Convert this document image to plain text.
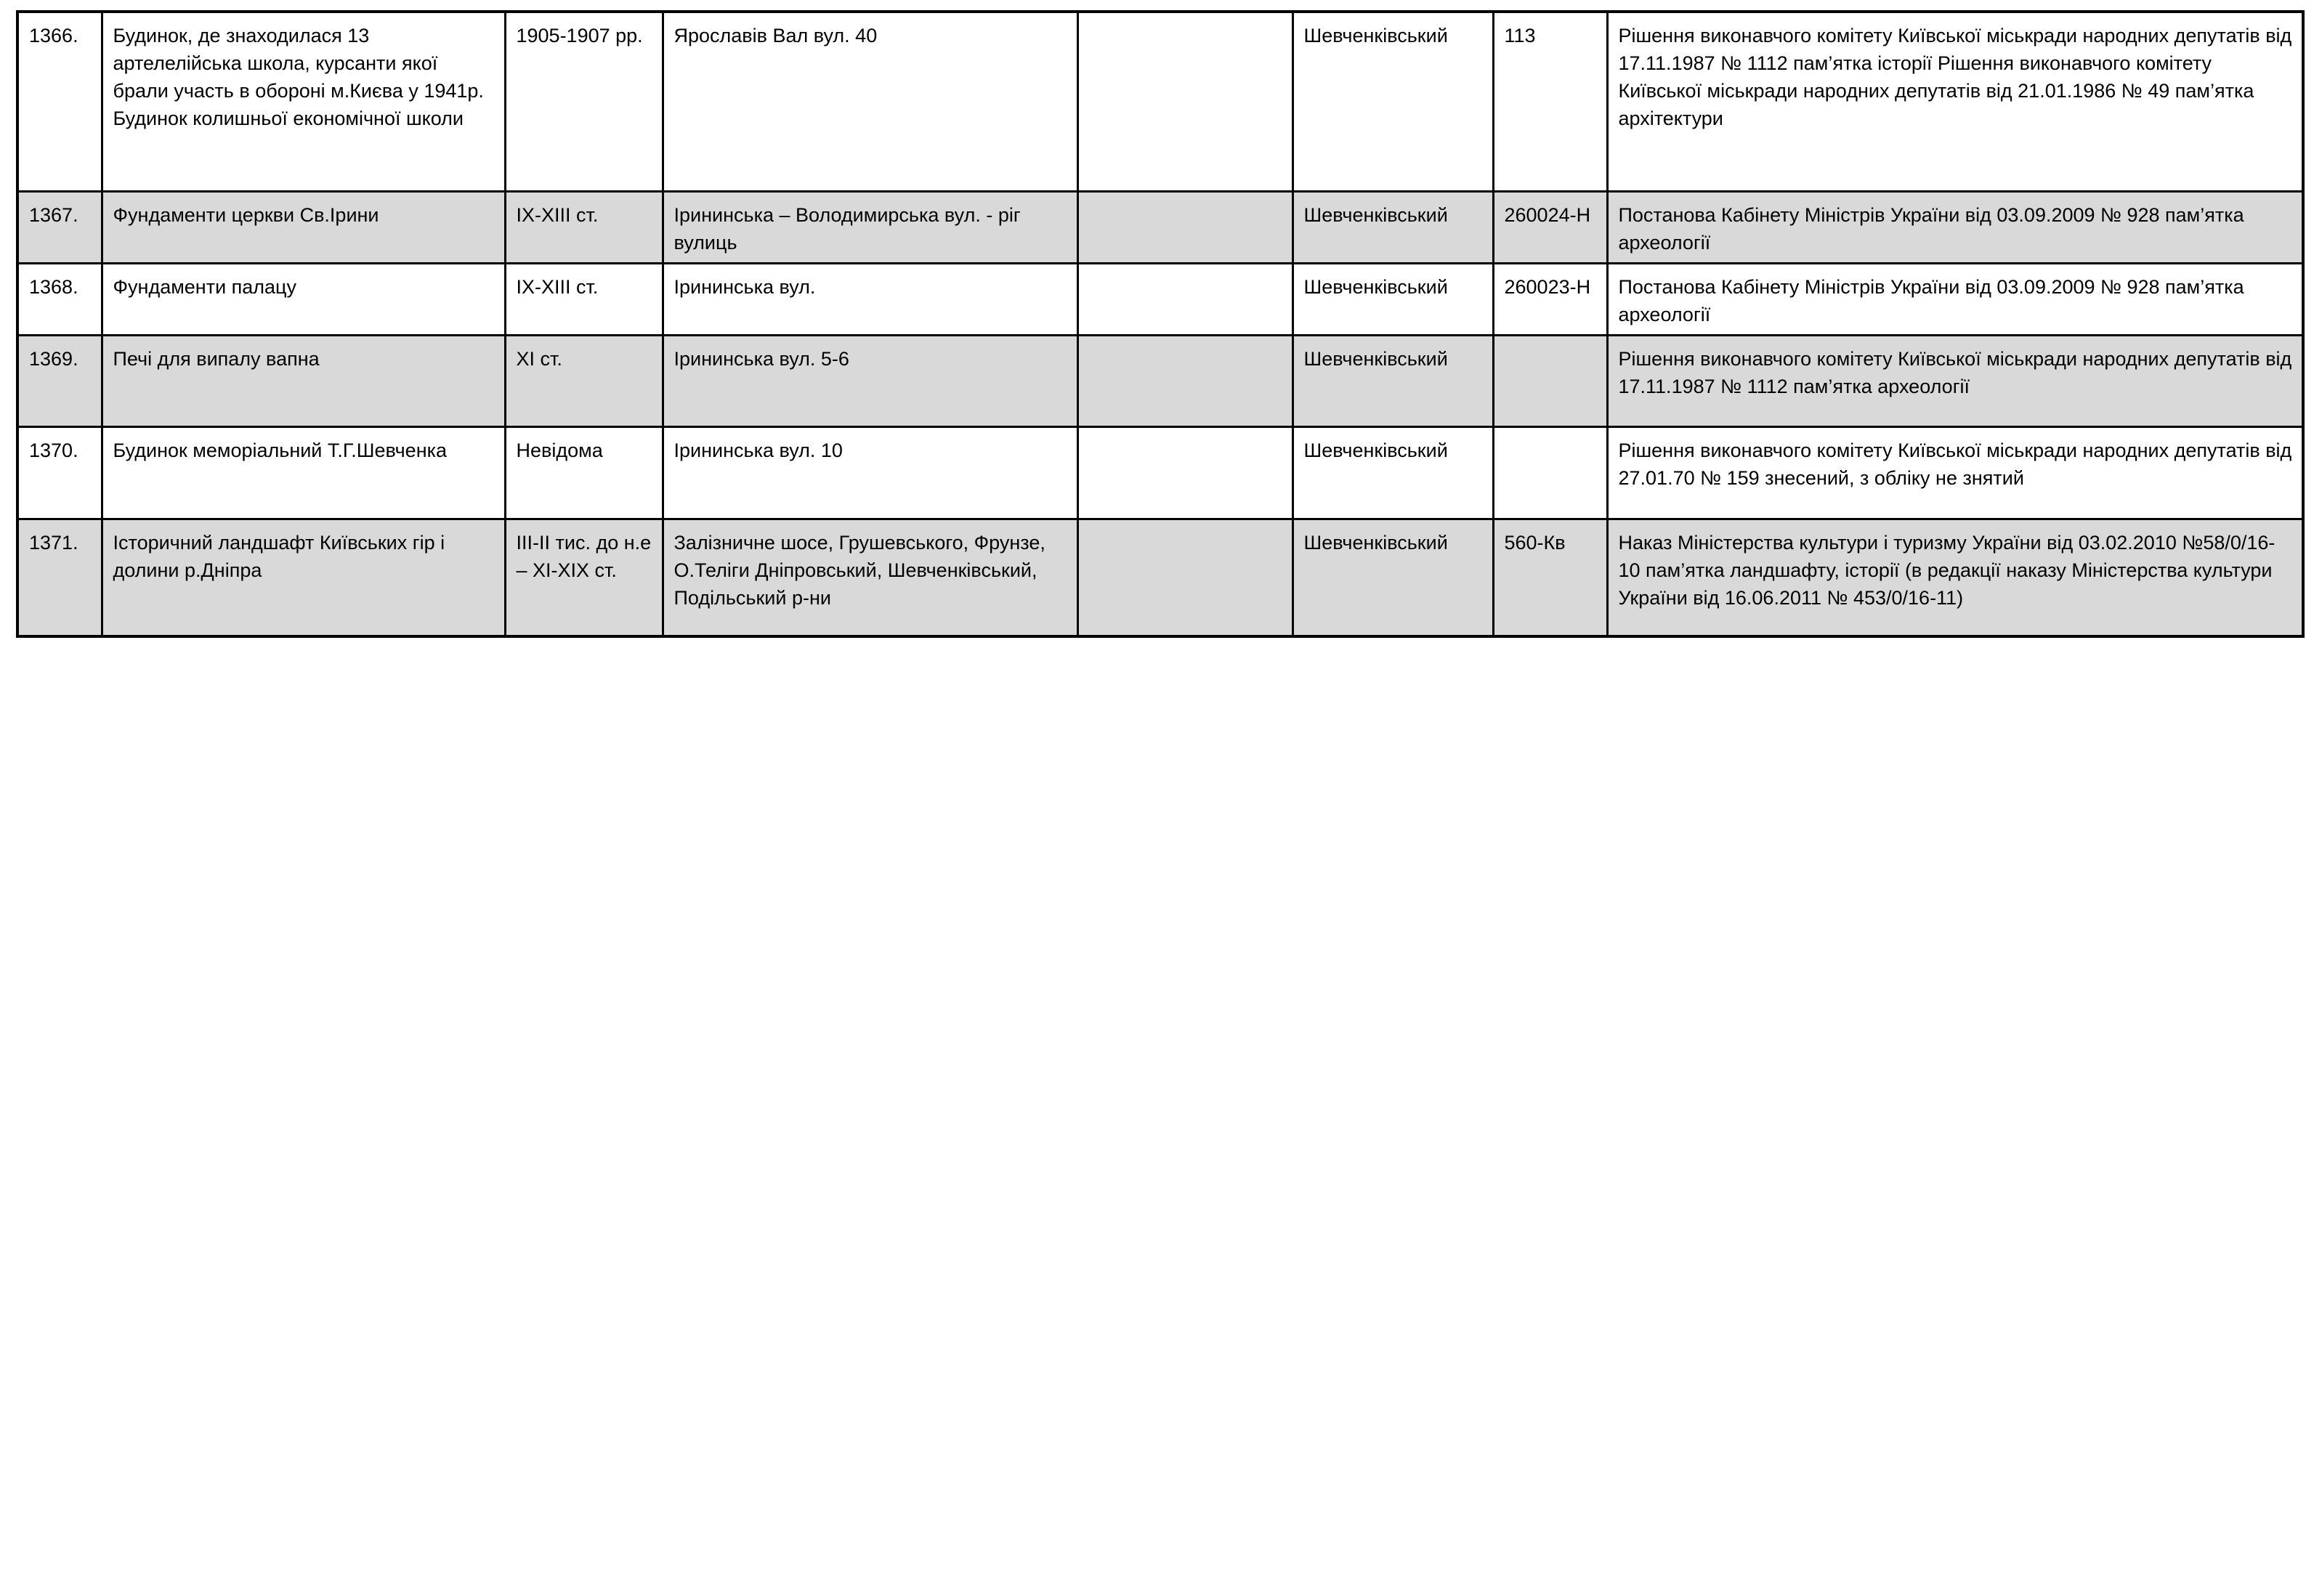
1366.	Будинок, де знаходилася 13 артелелійська школа, курсанти якої брали участь в обороні м.Києва у 1941р. Будинок колишньої економічної школи	1905-1907 рр.	Ярославів Вал вул. 40		Шевченківський	113	Рішення виконавчого комітету Київської міськради народних депутатів від 17.11.1987 № 1112 пам’ятка історії Рішення виконавчого комітету Київської міськради народних депутатів від 21.01.1986 № 49 пам’ятка архітектури
1367.	Фундаменти церкви Св.Ірини	IX-XIII ст.	Ірининська – Володимирська вул. - ріг вулиць		Шевченківський	260024-Н	Постанова Кабінету Міністрів України від 03.09.2009 № 928 пам’ятка археології
1368.	Фундаменти палацу	IX-XIII ст.	Ірининська вул.		Шевченківський	260023-Н	Постанова Кабінету Міністрів України від 03.09.2009 № 928 пам’ятка археології
1369.	Печі для випалу вапна	XI ст.	Ірининська вул. 5-6		Шевченківський		Рішення виконавчого комітету Київської міськради народних депутатів від 17.11.1987 № 1112 пам’ятка археології
1370.	Будинок меморіальний Т.Г.Шевченка	Невідома	Ірининська вул. 10		Шевченківський		Рішення виконавчого комітету Київської міськради народних депутатів від 27.01.70 № 159 знесений, з обліку не знятий
1371.	Історичний ландшафт Київських гір і долини р.Дніпра	III-II тис. до н.е – XI-XIX ст.	Залізничне шосе, Грушевського, Фрунзе, О.Теліги Дніпровський, Шевченківський, Подільський р-ни		Шевченківський	560-Кв	Наказ Міністерства культури і туризму України від 03.02.2010 №58/0/16-10 пам’ятка ландшафту, історії (в редакції наказу Міністерства культури України від 16.06.2011 № 453/0/16-11)
